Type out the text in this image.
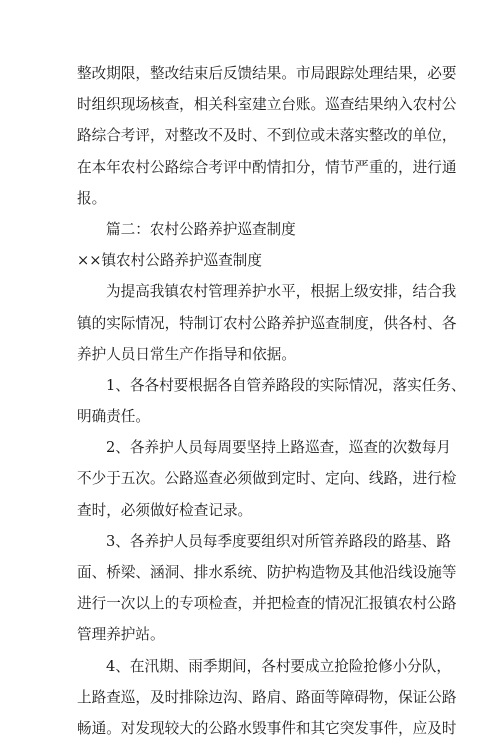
整改期限，整改结束后反馈结果。市局跟踪处理结果，必要
时组织现场核查，相关科室建立台账。巡查结果纳入农村公
路综合考评，对整改不及时、不到位或未落实整改的单位，
在本年农村公路综合考评中酌情扣分，情节严重的，进行通
报。
篇二：农村公路养护巡查制度
××镇农村公路养护巡查制度
为提高我镇农村管理养护水平，根据上级安排，结合我
镇的实际情况，特制订农村公路养护巡查制度，供各村、各
养护人员日常生产作指导和依据。
1、各各村要根据各自管养路段的实际情况，落实任务、
明确责任。
2、各养护人员每周要坚持上路巡查，巡查的次数每月
不少于五次。公路巡查必须做到定时、定向、线路，进行检
查时，必须做好检查记录。
3、各养护人员每季度要组织对所管养路段的路基、路
面、桥梁、涵洞、排水系统、防护构造物及其他沿线设施等
进行一次以上的专项检查，并把检查的情况汇报镇农村公路
管理养护站。
4、在汛期、雨季期间，各村要成立抢险抢修小分队，
上路查巡，及时排除边沟、路肩、路面等障碍物，保证公路
畅通。对发现较大的公路水毁事件和其它突发事件，应及时
